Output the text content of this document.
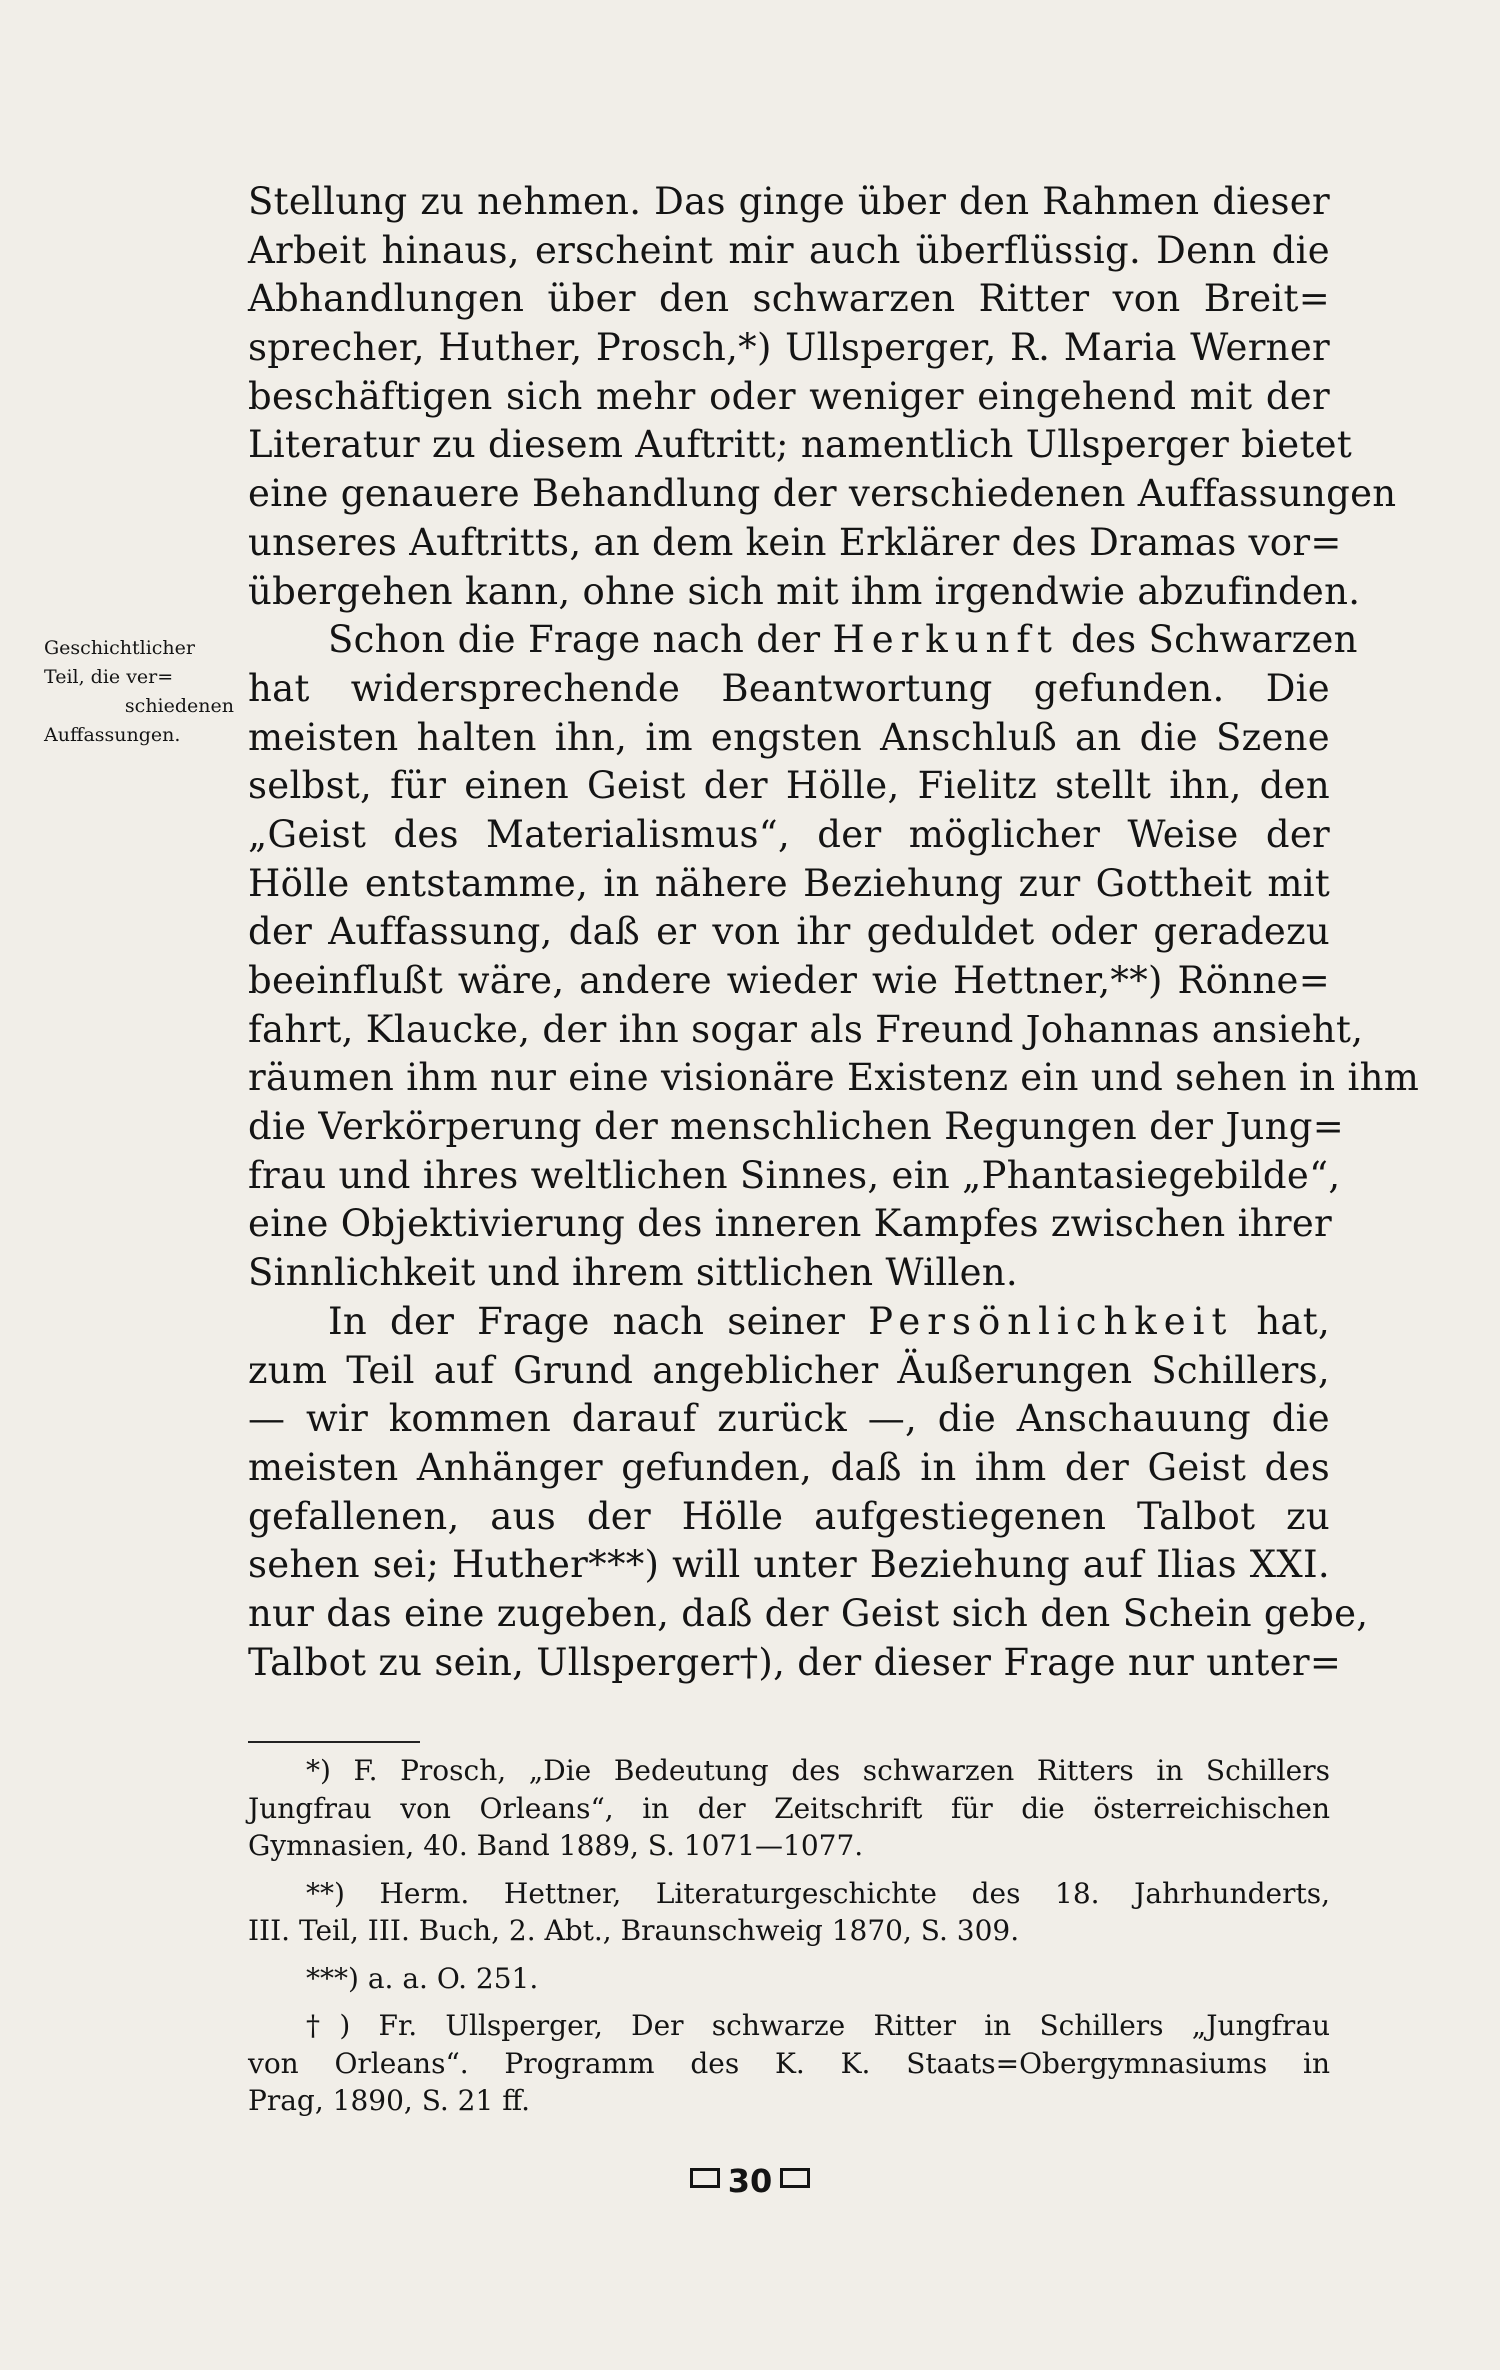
Stellung zu nehmen. Das ginge über den Rahmen dieser
Arbeit hinaus, erscheint mir auch überflüssig. Denn die
Abhandlungen über den schwarzen Ritter von Breit=
sprecher, Huther, Prosch,*) Ullsperger, R. Maria Werner
beschäftigen sich mehr oder weniger eingehend mit der
Literatur zu diesem Auftritt; namentlich Ullsperger bietet
eine genauere Behandlung der verschiedenen Auffassungen
unseres Auftritts, an dem kein Erklärer des Dramas vor=
übergehen kann, ohne sich mit ihm irgendwie abzufinden.
Schon die Frage nach der Herkunft des Schwarzen
hat widersprechende Beantwortung gefunden. Die
meisten halten ihn, im engsten Anschluß an die Szene
selbst, für einen Geist der Hölle, Fielitz stellt ihn, den
„Geist des Materialismus“, der möglicher Weise der
Hölle entstamme, in nähere Beziehung zur Gottheit mit
der Auffassung, daß er von ihr geduldet oder geradezu
beeinflußt wäre, andere wieder wie Hettner,**) Rönne=
fahrt, Klaucke, der ihn sogar als Freund Johannas ansieht,
räumen ihm nur eine visionäre Existenz ein und sehen in ihm
die Verkörperung der menschlichen Regungen der Jung=
frau und ihres weltlichen Sinnes, ein „Phantasiegebilde“,
eine Objektivierung des inneren Kampfes zwischen ihrer
Sinnlichkeit und ihrem sittlichen Willen.
In der Frage nach seiner Persönlichkeit hat,
zum Teil auf Grund angeblicher Äußerungen Schillers,
— wir kommen darauf zurück —, die Anschauung die
meisten Anhänger gefunden, daß in ihm der Geist des
gefallenen, aus der Hölle aufgestiegenen Talbot zu
sehen sei; Huther***) will unter Beziehung auf Ilias XXI.
nur das eine zugeben, daß der Geist sich den Schein gebe,
Talbot zu sein, Ullsperger†), der dieser Frage nur unter=
Geschichtlicher
Teil, die ver=
schiedenen
Auffassungen.
*) F. Prosch, „Die Bedeutung des schwarzen Ritters in Schillers
Jungfrau von Orleans“, in der Zeitschrift für die österreichischen
Gymnasien, 40. Band 1889, S. 1071—1077.
**) Herm. Hettner, Literaturgeschichte des 18. Jahrhunderts,
III. Teil, III. Buch, 2. Abt., Braunschweig 1870, S. 309.
***) a. a. O. 251.
†) Fr. Ullsperger, Der schwarze Ritter in Schillers „Jungfrau
von Orleans“. Programm des K. K. Staats=Obergymnasiums in
Prag, 1890, S. 21 ff.
30
